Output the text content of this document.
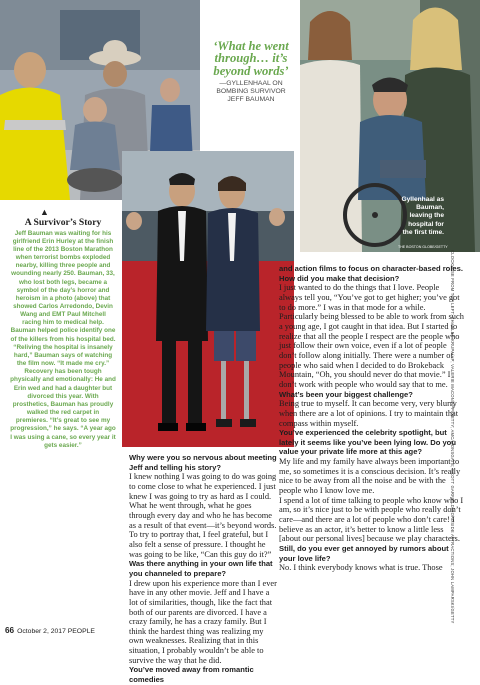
Gyllenhaal as Bauman, leaving the hospital for the first time.
THE BOSTON GLOBE/GETTY
‘What he went through… it’s beyond words’
—GYLLENHAAL ON BOMBING SURVIVOR JEFF BAUMAN
▲
A Survivor’s Story
Jeff Bauman was waiting for his girlfriend Erin Hurley at the finish line of the 2013 Boston Marathon when terrorist bombs exploded nearby, killing three people and wounding nearly 250. Bauman, 33, who lost both legs, became a symbol of the day’s horror and heroism in a photo (above) that showed Carlos Arredondo, Devin Wang and EMT Paul Mitchell racing him to medical help. Bauman helped police identify one of the killers from his hospital bed. “Reliving the hospital is insanely hard,” Bauman says of watching the film now. “It made me cry.” Recovery has been tough physically and emotionally: He and Erin wed and had a daughter but divorced this year. With prosthetics, Bauman has proudly walked the red carpet in premieres. “It’s great to see my progression,” he says. “A year ago I was using a cane, so every year it gets easier.”

Why were you so nervous about meeting Jeff and telling his story?

I knew nothing I was going to do was going to come close to what he experienced. I just knew I was going to try as hard as I could. What he went through, what he goes through every day and who he has become as a result of that event—it’s beyond words. To try to portray that, I feel grateful, but I also felt a sense of pressure. I thought he was going to be like, “Can this guy do it?”

Was there anything in your own life that you channeled to prepare?

I drew upon his experience more than I ever have in any other movie. Jeff and I have a lot of similarities, though, like the fact that both of our parents are divorced. I have a crazy family, he has a crazy family. But I think the hardest thing was realizing my own weaknesses. Realizing that in this situation, I probably wouldn’t be able to survive the way that he did.

You’ve moved away from romantic comedies

and action films to focus on character-based roles. How did you make that decision?

I just wanted to do the things that I love. People always tell you, “You’ve got to get higher; you’ve got to do more.” I was in that mode for a while. Particularly being blessed to be able to work from such a young age, I got caught in that idea. But I started to realize that all the people I respect are the people who just follow their own voice, even if a lot of people don’t follow along initially. There were a number of people who said when I decided to do Brokeback Mountain, “Oh, you should never do that movie.” I don’t work with people who would say that to me.

What’s been your biggest challenge?

Being true to myself. It can become very, very blurry when there are a lot of opinions. I try to maintain that compass within myself.

You’ve experienced the celebrity spotlight, but lately it seems like you’ve been lying low. Do you value your private life more at this age?

My life and my family have always been important to me, so sometimes it is a conscious decision. It’s really nice to be away from all the noise and be with the people who I know love me.

I spend a lot of time talking to people who know who I am, so it’s nice just to be with people who really don’t care—and there are a lot of people who don’t care! I believe as an actor, it’s better to know a little less [about our personal lives] because we play characters.

Still, do you ever get annoyed by rumors about your love life?

No. I think everybody knows what is true. Those	CLOCKWISE FROM TOP LEFT: CHARLES KRUPA/AP; VALERIE MACON/AFP/GETTY; AMC/LIONSGATE; SCOTT GARFIELD/ROADSIDE ATTRACTIONS; JOHN LAMPARSKI/GETTY
66 October 2, 2017 PEOPLE
